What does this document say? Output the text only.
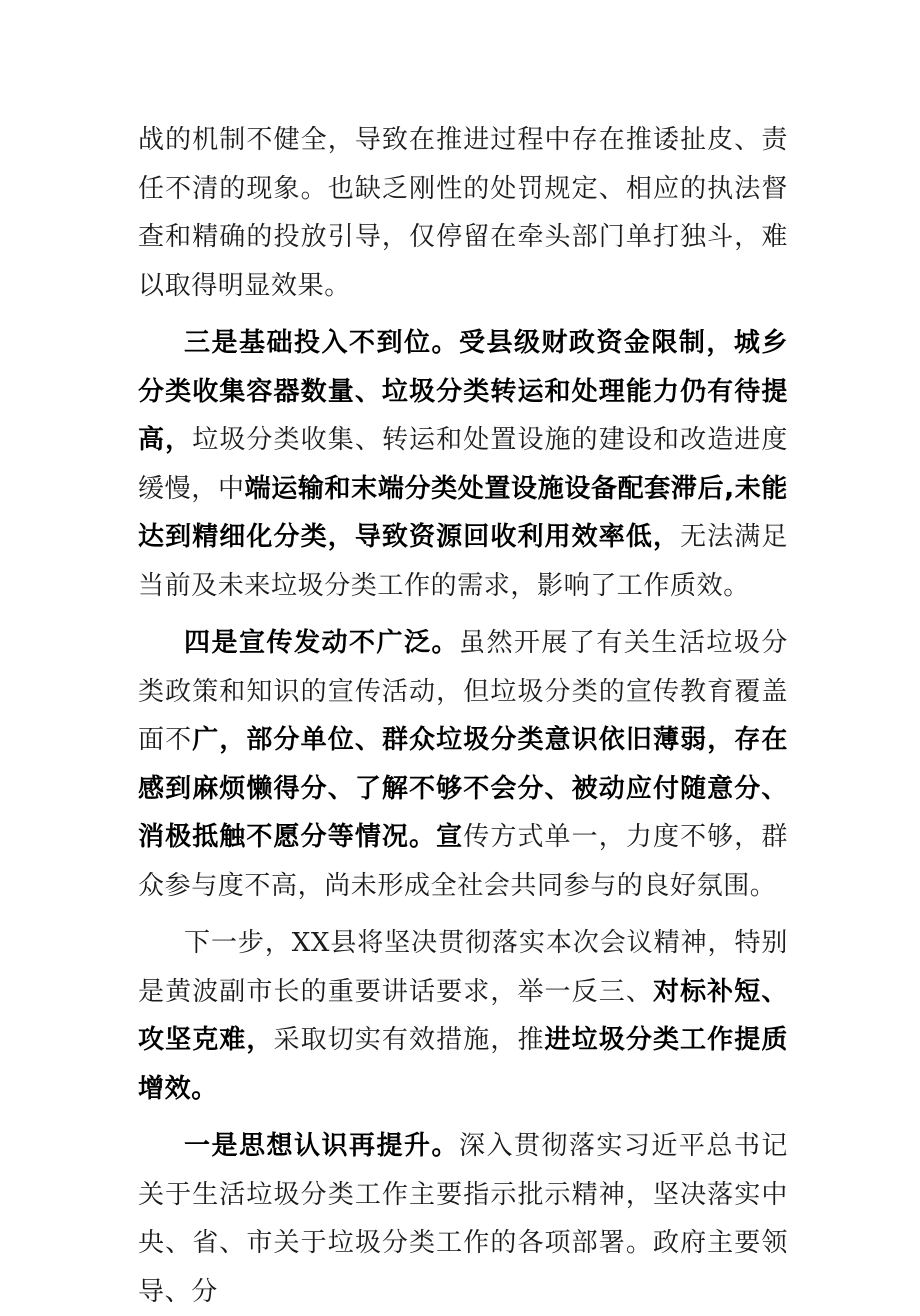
战的机制不健全，导致在推进过程中存在推诿扯皮、责任不清的现象。也缺乏刚性的处罚规定、相应的执法督查和精确的投放引导，仅停留在牵头部门单打独斗，难以取得明显效果。

三是基础投入不到位。受县级财政资金限制，城乡分类收集容器数量、垃圾分类转运和处理能力仍有待提高，垃圾分类收集、转运和处置设施的建设和改造进度缓慢，中端运输和末端分类处置设施设备配套滞后,未能达到精细化分类，导致资源回收利用效率低，无法满足当前及未来垃圾分类工作的需求，影响了工作质效。

四是宣传发动不广泛。虽然开展了有关生活垃圾分类政策和知识的宣传活动，但垃圾分类的宣传教育覆盖面不广，部分单位、群众垃圾分类意识依旧薄弱，存在感到麻烦懒得分、了解不够不会分、被动应付随意分、消极抵触不愿分等情况。宣传方式单一，力度不够，群众参与度不高，尚未形成全社会共同参与的良好氛围。

下一步，XX县将坚决贯彻落实本次会议精神，特别是黄波副市长的重要讲话要求，举一反三、对标补短、攻坚克难，采取切实有效措施，推进垃圾分类工作提质增效。

一是思想认识再提升。深入贯彻落实习近平总书记关于生活垃圾分类工作主要指示批示精神，坚决落实中央、省、市关于垃圾分类工作的各项部署。政府主要领导、分
